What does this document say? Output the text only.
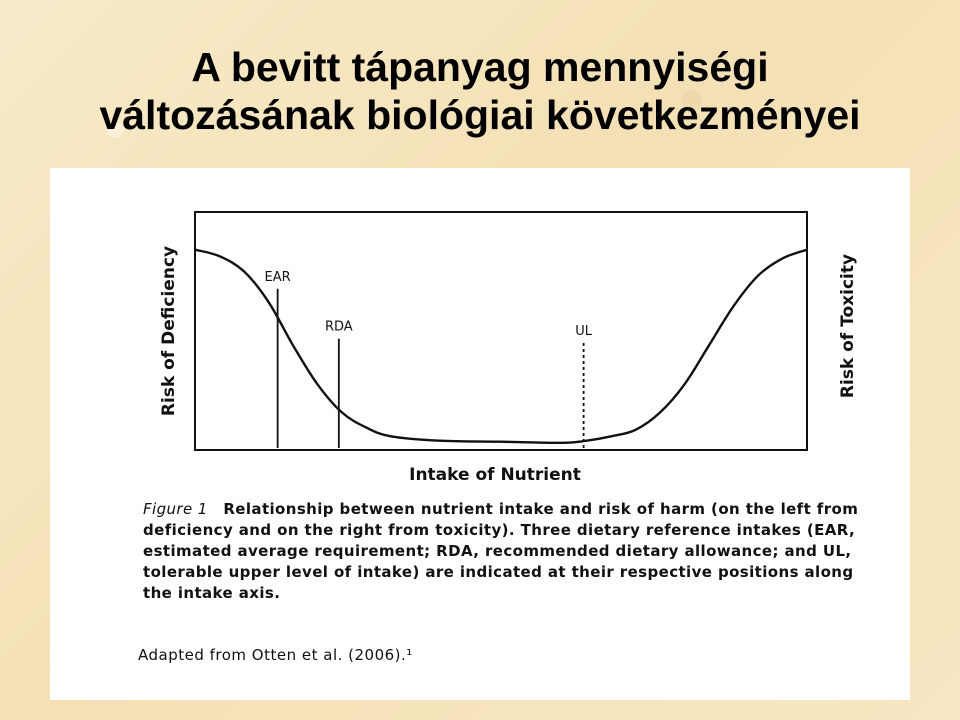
A bevitt tápanyag mennyiségi
változásának biológiai következményei
EAR
RDA	UL
Risk of Deficiency	Risk of Toxicity
Intake of Nutrient
Figure 1 Relationship between nutrient intake and risk of harm (on the left from deficiency and on the right from toxicity). Three dietary reference intakes (EAR, estimated average requirement; RDA, recommended dietary allowance; and UL, tolerable upper level of intake) are indicated at their respective positions along the intake axis.
Adapted from Otten et al. (2006).¹
